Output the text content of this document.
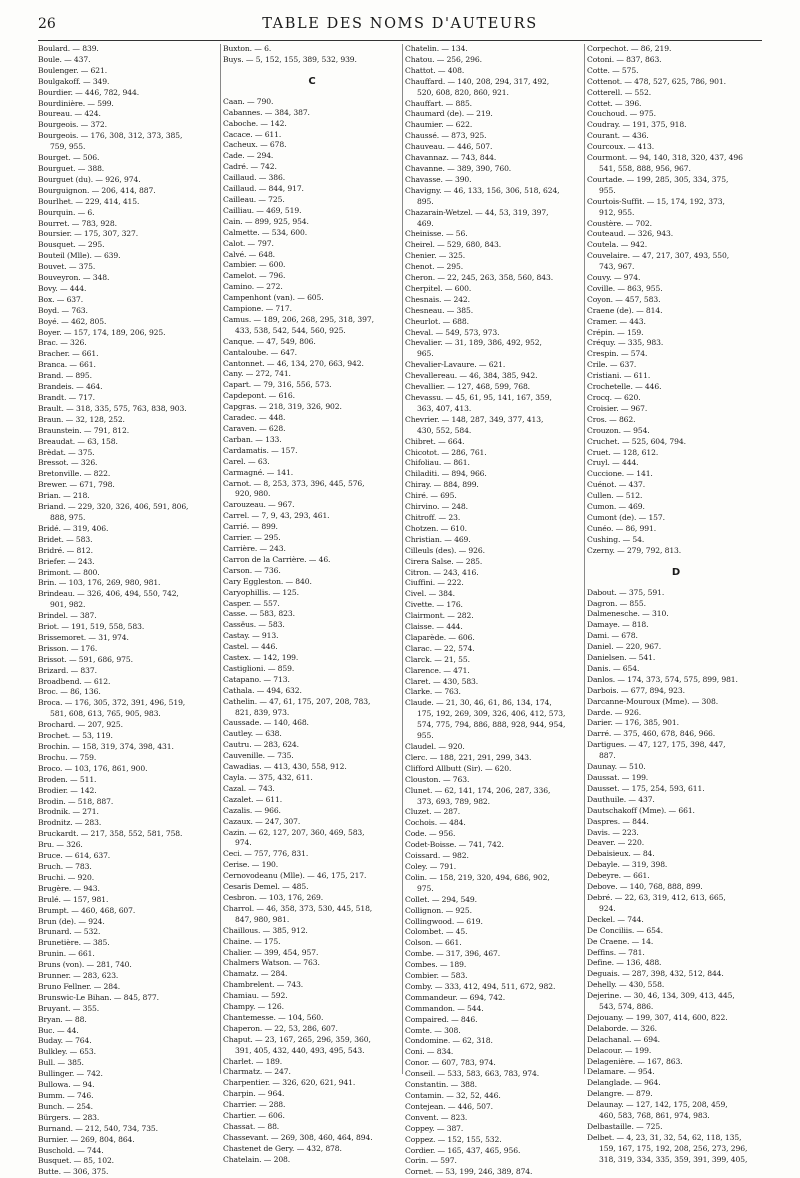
26	TABLE DES NOMS D'AUTEURS
Boulard. — 839.
Boule. — 437.
Boulenger. — 621.
Boulgakoff. — 349.
Bourdier. — 446, 782, 944.
Bourdinière. — 599.
Boureau. — 424.
Bourgeois. — 372.
Bourgeois. — 176, 308, 312, 373, 385,
759, 955.
Bourget. — 506.
Bourguet. — 388.
Bourguet (du). — 926, 974.
Bourguignon. — 206, 414, 887.
Bourlhet. — 229, 414, 415.
Bourquin. — 6.
Bourret. — 783, 928.
Boursier. — 175, 307, 327.
Bousquet. — 295.
Bouteil (Mlle). — 639.
Bouvet. — 375.
Bouveyron. — 348.
Bovy. — 444.
Box. — 637.
Boyd. — 763.
Boyé. — 462, 805.
Boyer. — 157, 174, 189, 206, 925.
Brac. — 326.
Bracher. — 661.
Branca. — 661.
Brand. — 895.
Brandeis. — 464.
Brandt. — 717.
Brault. — 318, 335, 575, 763, 838, 903.
Braun. — 32, 128, 252.
Braunstein. — 791, 812.
Breaudat. — 63, 158.
Brèdat. — 375.
Bressot. — 326.
Bretonville. — 822.
Brewer. — 671, 798.
Brian. — 218.
Briand. — 229, 320, 326, 406, 591, 806,
888, 975.
Bridé. — 319, 406.
Bridet. — 583.
Bridré. — 812.
Briefer. — 243.
Brimont. — 800.
Brin. — 103, 176, 269, 980, 981.
Brindeau. — 326, 406, 494, 550, 742,
901, 982.
Brindel. — 387.
Briot. — 191, 519, 558, 583.
Brissemoret. — 31, 974.
Brisson. — 176.
Brissot. — 591, 686, 975.
Brizard. — 837.
Broadbend. — 612.
Broc. — 86, 136.
Broca. — 176, 305, 372, 391, 496, 519,
581, 608, 613, 765, 905, 983.
Brochard. — 207, 925.
Brochet. — 53, 119.
Brochin. — 158, 319, 374, 398, 431.
Brochu. — 759.
Broco. — 103, 176, 861, 900.
Broden. — 511.
Brodier. — 142.
Brodin. — 518, 887.
Brodnik. — 271.
Brodnitz. — 283.
Bruckardt. — 217, 358, 552, 581, 758.
Bru. — 326.
Bruce. — 614, 637.
Bruch. — 783.
Bruchi. — 920.
Brugère. — 943.
Brulé. — 157, 981.
Brumpt. — 460, 468, 607.
Brun (de). — 924.
Brunard. — 532.
Brunetière. — 385.
Brunin. — 661.
Bruns (von). — 281, 740.
Brunner. — 283, 623.
Bruno Fellner. — 284.
Brunswic-Le Bihan. — 845, 877.
Bruyant. — 355.
Bryan. — 88.
Buc. — 44.
Buday. — 764.
Bulkley. — 653.
Bull. — 385.
Bullinger. — 742.
Bullowa. — 94.
Bumm. — 746.
Bunch. — 254.
Bürgers. — 283.
Burnand. — 212, 540, 734, 735.
Burnier. — 269, 804, 864.
Buschold. — 744.
Busquet. — 85, 102.
Butte. — 306, 375.
Buxton. — 6.
Buys. — 5, 152, 155, 389, 532, 939.
C
Caan. — 790.
Cabannes. — 384, 387.
Caboche. — 142.
Cacace. — 611.
Cacheux. — 678.
Cade. — 294.
Cadré. — 742.
Caillaud. — 386.
Caillaud. — 844, 917.
Cailleau. — 725.
Cailliau. — 469, 519.
Cain. — 899, 925, 954.
Calmette. — 534, 600.
Calot. — 797.
Calvé. — 648.
Cambier. — 600.
Camelot. — 796.
Camino. — 272.
Campenhont (van). — 605.
Campione. — 717.
Camus. — 189, 206, 268, 295, 318, 397,
433, 538, 542, 544, 560, 925.
Canque. — 47, 549, 806.
Cantaloube. — 647.
Cantonnet. — 46, 134, 270, 663, 942.
Cany. — 272, 741.
Capart. — 79, 316, 556, 573.
Capdepont. — 616.
Capgras. — 218, 319, 326, 902.
Caradec. — 448.
Caraven. — 628.
Carban. — 133.
Cardamatis. — 157.
Carel. — 63.
Carmagné. — 141.
Carnot. — 8, 253, 373, 396, 445, 576,
920, 980.
Carouzeau. — 967.
Carrel. — 7, 9, 43, 293, 461.
Carrié. — 899.
Carrier. — 295.
Carrière. — 243.
Carron de la Carrière. — 46.
Carson. — 736.
Cary Eggleston. — 840.
Caryophillis. — 125.
Casper. — 557.
Casse. — 583, 823.
Cassëus. — 583.
Castay. — 913.
Castel. — 446.
Castex. — 142, 199.
Castiglioni. — 859.
Catapano. — 713.
Cathala. — 494, 632.
Cathelin. — 47, 61, 175, 207, 208, 783,
821, 839, 973.
Caussade. — 140, 468.
Cautley. — 638.
Cautru. — 283, 624.
Cauvenille. — 735.
Cawadias. — 413, 430, 558, 912.
Cayla. — 375, 432, 611.
Cazal. — 743.
Cazalet. — 611.
Cazalis. — 966.
Cazaux. — 247, 307.
Cazin. — 62, 127, 207, 360, 469, 583,
974.
Ceci. — 757, 776, 831.
Cerise. — 190.
Cernovodeanu (Mlle). — 46, 175, 217.
Cesaris Demel. — 485.
Cesbron. — 103, 176, 269.
Charrol. — 46, 358, 373, 530, 445, 518,
847, 980, 981.
Chaillous. — 385, 912.
Chaine. — 175.
Chalier. — 399, 454, 957.
Chalmers Watson. — 763.
Chamatz. — 284.
Chambrelent. — 743.
Chamiau. — 592.
Champy. — 126.
Chantemesse. — 104, 560.
Chaperon. — 22, 53, 286, 607.
Chaput. — 23, 167, 265, 296, 359, 360,
391, 405, 432, 440, 493, 495, 543.
Charlet. — 189.
Charmatz. — 247.
Charpentier. — 326, 620, 621, 941.
Charpin. — 964.
Charrier. — 288.
Chartier. — 606.
Chassat. — 88.
Chassevant. — 269, 308, 460, 464, 894.
Chastenet de Gery. — 432, 878.
Chatelain. — 208.
Chatelin. — 134.
Chatou. — 256, 296.
Chattot. — 408.
Chauffard. — 140, 208, 294, 317, 492,
520, 608, 820, 860, 921.
Chauffart. — 885.
Chaumard (de). — 219.
Chaumier. — 622.
Chaussé. — 873, 925.
Chauveau. — 446, 507.
Chavannaz. — 743, 844.
Chavanne. — 389, 390, 760.
Chavasse. — 390.
Chavigny. — 46, 133, 156, 306, 518, 624,
895.
Chazarain-Wetzel. — 44, 53, 319, 397,
469.
Cheinisse. — 56.
Cheirel. — 529, 680, 843.
Chenier. — 325.
Chenot. — 295.
Cheron. — 22, 245, 263, 358, 560, 843.
Cherpitel. — 600.
Chesnais. — 242.
Chesneau. — 385.
Cheurlot. — 688.
Cheval. — 549, 573, 973.
Chevalier. — 31, 189, 386, 492, 952,
965.
Chevalier-Lavaure. — 621.
Chevallereau. — 46, 384, 385, 942.
Chevallier. — 127, 468, 599, 768.
Chevassu. — 45, 61, 95, 141, 167, 359,
363, 407, 413.
Chevrier. — 148, 287, 349, 377, 413,
430, 552, 584.
Chibret. — 664.
Chicotot. — 286, 761.
Chifoliau. — 861.
Chiladiti. — 894, 966.
Chiray. — 884, 899.
Chiré. — 695.
Chirvino. — 248.
Chitroff. — 23.
Chotzen. — 610.
Christian. — 469.
Cilleuls (des). — 926.
Cirera Salse. — 285.
Citron. — 243, 416.
Ciuffini. — 222.
Civel. — 384.
Civette. — 176.
Clairmont. — 282.
Claisse. — 444.
Claparède. — 606.
Clarac. — 22, 574.
Clarck. — 21, 55.
Clarence. — 471.
Claret. — 430, 583.
Clarke. — 763.
Claude. — 21, 30, 46, 61, 86, 134, 174,
175, 192, 269, 309, 326, 406, 412, 573,
574, 775, 794, 886, 888, 928, 944, 954,
955.
Claudel. — 920.
Clerc. — 188, 221, 291, 299, 343.
Clifford Allbutt (Sir). — 620.
Clouston. — 763.
Clunet. — 62, 141, 174, 206, 287, 336,
373, 693, 789, 982.
Cluzet. — 287.
Cochois. — 484.
Code. — 956.
Codet-Boisse. — 741, 742.
Coissard. — 982.
Coley. — 791.
Colin. — 158, 219, 320, 494, 686, 902,
975.
Collet. — 294, 549.
Collignon. — 925.
Collingwood. — 619.
Colombet. — 45.
Colson. — 661.
Combe. — 317, 396, 467.
Combes. — 189.
Combier. — 583.
Comby. — 333, 412, 494, 511, 672, 982.
Commandeur. — 694, 742.
Commandon. — 544.
Compaired. — 846.
Comte. — 308.
Condomine. — 62, 318.
Coni. — 834.
Conor. — 607, 783, 974.
Conseil. — 533, 583, 663, 783, 974.
Constantin. — 388.
Contamin. — 32, 52, 446.
Contejean. — 446, 507.
Convent. — 823.
Coppey. — 387.
Coppez. — 152, 155, 532.
Cordier. — 165, 437, 465, 956.
Corin. — 597.
Cornet. — 53, 199, 246, 389, 874.
Corpechot. — 86, 219.
Cotoni. — 837, 863.
Cotte. — 575.
Cottenot. — 478, 527, 625, 786, 901.
Cotterell. — 552.
Cottet. — 396.
Couchoud. — 975.
Coudray. — 191, 375, 918.
Courant. — 436.
Courcoux. — 413.
Courmont. — 94, 140, 318, 320, 437, 496
541, 558, 888, 956, 967.
Courtade. — 199, 285, 305, 334, 375,
955.
Courtois-Suffit. — 15, 174, 192, 373,
912, 955.
Coustère. — 702.
Couteaud. — 326, 943.
Coutela. — 942.
Couvelaire. — 47, 217, 307, 493, 550,
743, 967.
Couvy. — 974.
Coville. — 863, 955.
Coyon. — 457, 583.
Craene (de). — 814.
Cramer. — 443.
Crépin. — 159.
Créquy. — 335, 983.
Crespin. — 574.
Crile. — 637.
Cristiani. — 611.
Crochetelle. — 446.
Crocq. — 620.
Croisier. — 967.
Cros. — 862.
Crouzon. — 954.
Cruchet. — 525, 604, 794.
Cruet. — 128, 612.
Cruyl. — 444.
Cuccione. — 141.
Cuénot. — 437.
Cullen. — 512.
Cumon. — 469.
Cumont (de). — 157.
Cunéo. — 86, 991.
Cushing. — 54.
Czerny. — 279, 792, 813.
D
Dabout. — 375, 591.
Dagron. — 855.
Dalmenesche. — 310.
Damaye. — 818.
Dami. — 678.
Daniel. — 220, 967.
Danielsen. — 541.
Danis. — 654.
Danlos. — 174, 373, 574, 575, 899, 981.
Darbois. — 677, 894, 923.
Darcanne-Mouroux (Mme). — 308.
Darde. — 926.
Darier. — 176, 385, 901.
Darré. — 375, 460, 678, 846, 966.
Dartigues. — 47, 127, 175, 398, 447,
887.
Daunay. — 510.
Daussat. — 199.
Dausset. — 175, 254, 593, 611.
Dauthuile. — 437.
Dautschakoff (Mme). — 661.
Daspres. — 844.
Davis. — 223.
Deaver. — 220.
Debaisieux. — 84.
Debayle. — 319, 398.
Debeyre. — 661.
Debove. — 140, 768, 888, 899.
Debré. — 22, 63, 319, 412, 613, 665,
924.
Deckel. — 744.
De Conciliis. — 654.
De Craene. — 14.
Deffins. — 781.
Define. — 136, 488.
Deguais. — 287, 398, 432, 512, 844.
Dehelly. — 430, 558.
Dejerine. — 30, 46, 134, 309, 413, 445,
543, 574, 886.
Dejouany. — 199, 307, 414, 600, 822.
Delaborde. — 326.
Delachanal. — 694.
Delacour. — 199.
Delagenière. — 167, 863.
Delamare. — 954.
Delanglade. — 964.
Delangre. — 879.
Delaunay. — 127, 142, 175, 208, 459,
460, 583, 768, 861, 974, 983.
Delbastaille. — 725.
Delbet. — 4, 23, 31, 32, 54, 62, 118, 135,
159, 167, 175, 192, 208, 256, 273, 296,
318, 319, 334, 335, 359, 391, 399, 405,
